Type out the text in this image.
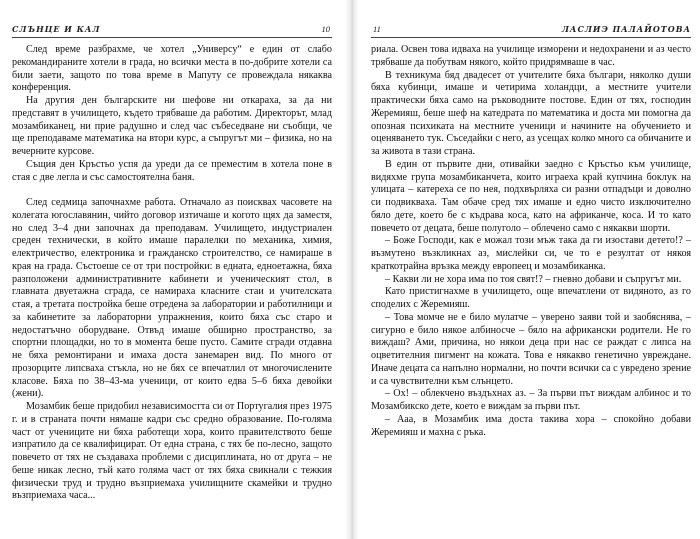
СЛЪНЦЕ И КАЛ	10

След време разбрахме, че хотел „Универсу“ е един от слабо рекомандираните хотели в града, но всички места в по-добрите хотели са били заети, защото по това време в Мапуту се провеждала някаква конференция.

На другия ден българските ни шефове ни откараха, за да ни представят в училището, където трябваше да работим. Директорът, млад мозамбиканец, ни прие радушно и след час събеседване ни съобщи, че ще преподаваме математика на втори курс, а съпругът ми – физика, но на вечерните курсове.

Същия ден Кръстьо успя да уреди да се преместим в хотела поне в стая с две легла и със самостоятелна баня.

След седмица започнахме работа. Отначало аз поисквах часовете на колегата югославянин, чийто договор изтичаше и когото щях да заместя, но след 3–4 дни започнах да преподавам. Училището, индустриален среден технически, в който имаше паралелки по механика, химия, електричество, електроника и гражданско строителство, се намираше в края на града. Състоеше се от три постройки: в едната, едноетажна, бяха разположени административните кабинети и ученическият стол, в главната двуетажна сграда, се намираха класните стаи и учителската стая, а третата постройка беше отредена за лаборатории и работилници и за кабинетите за лабораторни упражнения, които бяха със старо и недостатъчно оборудване. Отвъд имаше обширно пространство, за спортни площадки, но то в момента беше пусто. Самите сгради отдавна не бяха ремонтирани и имаха доста занемарен вид. По много от прозорците липсваха стъкла, но не бях се впечатлил от многочислените класове. Бяха по 38–43-ма ученици, от които едва 5–6 бяха девойки (жени).

Мозамбик беше придобил независимостта си от Португалия през 1975 г. и в страната почти нямаше кадри със средно образование. По-голяма част от учениците ни бяха работещи хора, които правителството беше изпратило да се квалифицират. От една страна, с тях бе по-лесно, защото повечето от тях не създаваха проблеми с дисциплината, но от друга – не беше никак лесно, тъй като голяма част от тях бяха свикнали с тежкия физически труд и трудно възприемаха училищните скамейки и трудно възприемаха часа...

11	ЛАСЛИЭ ПАЛАЙОТОВА

риала. Освен това идваха на училище изморени и недохранени и аз често трябваше да побутвам някого, който придрямваше в час.

В техникума бяд двадесет от учителите бяха българи, няколко души бяха кубинци, имаше и четирима холандци, а местните учители практически бяха само на ръководните постове. Един от тях, господин Жеремияш, беше шеф на катедрата по математика и доста ми помогна да опозная психиката на местните ученици и начините на обучението и оценяването тук. Съседайки с него, аз усещах колко много са обичаните и за живота в тази страна.

В един от първите дни, отивайки заедно с Кръстьо към училище, видяхме група мозамбиканчета, които играеха край купчина боклук на улицата – катереха се по нея, подхвърляха си разни отпадъци и доволно си подвикваха. Там обаче сред тях имаше и едно чисто изключително бяло дете, което бе с къдрава коса, като на африканче, коса. И то като повечето от децата, беше полуголо – облечено само с някакви шорти.

– Боже Господи, как е можал този мъж така да ги изостави детето!? – възмутено възкликнах аз, мислейки си, че то е резултат от някоя краткотрайна връзка между европеец и мозамбиканка.

– Какви ли не хора има по тоя свят!? – гневно добави и съпругът ми.

Като пристигнахме в училището, още впечатлени от видяното, аз го споделих с Жеремияш.

– Това момче не е било мулатче – уверено заяви той и заобяснява, – сигурно е било някое албиносче – бяло на африкански родители. Не го виждаш? Ами, причина, но някои деца при нас се раждат с липса на оцветителния пигмент на кожата. Това е някакво генетично увреждане. Иначе децата са напълно нормални, но почти всички са с увредено зрение и са чувствителни към слънцето.

– Ох! – облекчено въздъхнах аз. – За първи път виждам албинос и то Мозамбикско дете, което е виждам за първи път.

– Ааа, в Мозамбик има доста такива хора – спокойно добави Жеремияш и махна с ръка.
